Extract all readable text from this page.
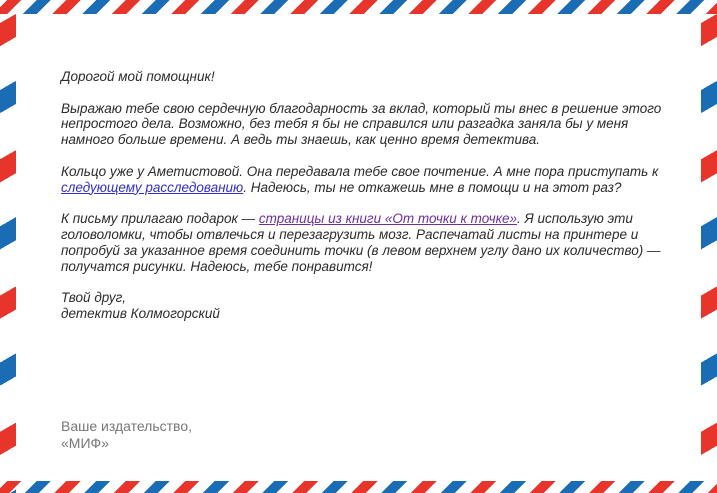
Дорогой мой помощник!

Выражаю тебе свою сердечную благодарность за вклад, который ты внес в решение этого непростого дела. Возможно, без тебя я бы не справился или разгадка заняла бы у меня намного больше времени. А ведь ты знаешь, как ценно время детектива.

Кольцо уже у Аметистовой. Она передавала тебе свое почтение. А мне пора приступать к следующему расследованию. Надеюсь, ты не откажешь мне в помощи и на этот раз?

К письму прилагаю подарок — страницы из книги «От точки к точке». Я использую эти головоломки, чтобы отвлечься и перезагрузить мозг. Распечатай листы на принтере и попробуй за указанное время соединить точки (в левом верхнем углу дано их количество) — получатся рисунки. Надеюсь, тебе понравится!

Твой друг,

детектив Колмогорский

Ваше издательство,
«МИФ»
